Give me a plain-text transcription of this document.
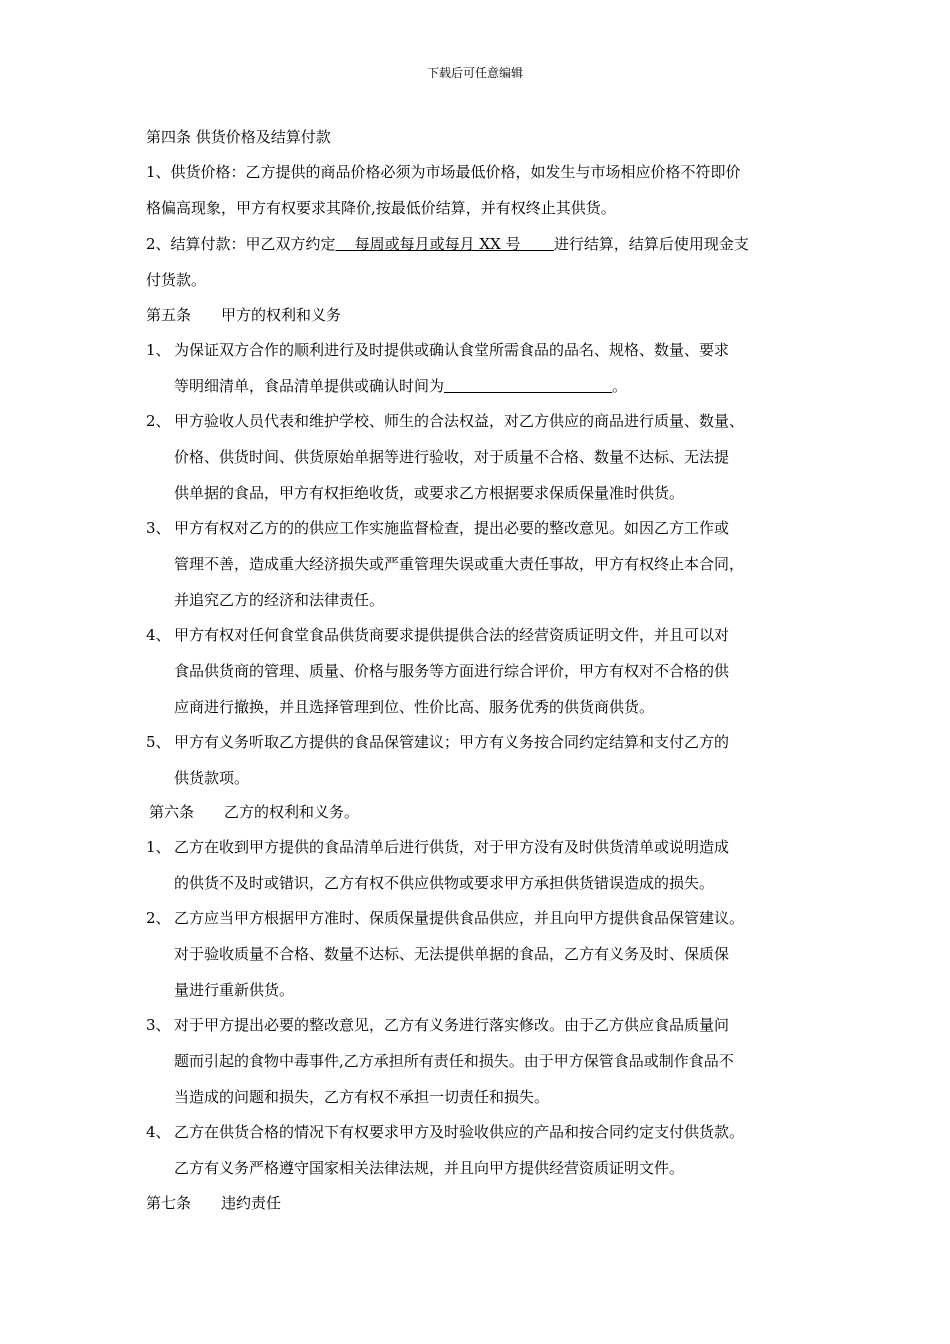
下载后可任意编辑
第四条 供货价格及结算付款
1、供货价格：乙方提供的商品价格必须为市场最低价格，如发生与市场相应价格不符即价
格偏高现象，甲方有权要求其降价,按最低价结算，并有权终止其供货。
2、结算付款：甲乙双方约定    每周或每月或每月 XX 号       进行结算，结算后使用现金支
付货款。
第五条 甲方的权利和义务
1、 为保证双方合作的顺利进行及时提供或确认食堂所需食品的品名、规格、数量、要求
等明细清单，食品清单提供或确认时间为	。
2、 甲方验收人员代表和维护学校、师生的合法权益，对乙方供应的商品进行质量、数量、
价格、供货时间、供货原始单据等进行验收，对于质量不合格、数量不达标、无法提
供单据的食品，甲方有权拒绝收货，或要求乙方根据要求保质保量准时供货。
3、 甲方有权对乙方的的供应工作实施监督检查，提出必要的整改意见。如因乙方工作或
管理不善，造成重大经济损失或严重管理失误或重大责任事故，甲方有权终止本合同，
并追究乙方的经济和法律责任。
4、 甲方有权对任何食堂食品供货商要求提供提供合法的经营资质证明文件，并且可以对
食品供货商的管理、质量、价格与服务等方面进行综合评价，甲方有权对不合格的供
应商进行撤换，并且选择管理到位、性价比高、服务优秀的供货商供货。
5、 甲方有义务听取乙方提供的食品保管建议；甲方有义务按合同约定结算和支付乙方的
供货款项。
第六条 乙方的权利和义务。
1、 乙方在收到甲方提供的食品清单后进行供货，对于甲方没有及时供货清单或说明造成
的供货不及时或错识，乙方有权不供应供物或要求甲方承担供货错误造成的损失。
2、 乙方应当甲方根据甲方准时、保质保量提供食品供应，并且向甲方提供食品保管建议。
对于验收质量不合格、数量不达标、无法提供单据的食品，乙方有义务及时、保质保
量进行重新供货。
3、 对于甲方提出必要的整改意见，乙方有义务进行落实修改。由于乙方供应食品质量问
题而引起的食物中毒事件,乙方承担所有责任和损失。由于甲方保管食品或制作食品不
当造成的问题和损失，乙方有权不承担一切责任和损失。
4、 乙方在供货合格的情况下有权要求甲方及时验收供应的产品和按合同约定支付供货款。
乙方有义务严格遵守国家相关法律法规，并且向甲方提供经营资质证明文件。
第七条 违约责任
